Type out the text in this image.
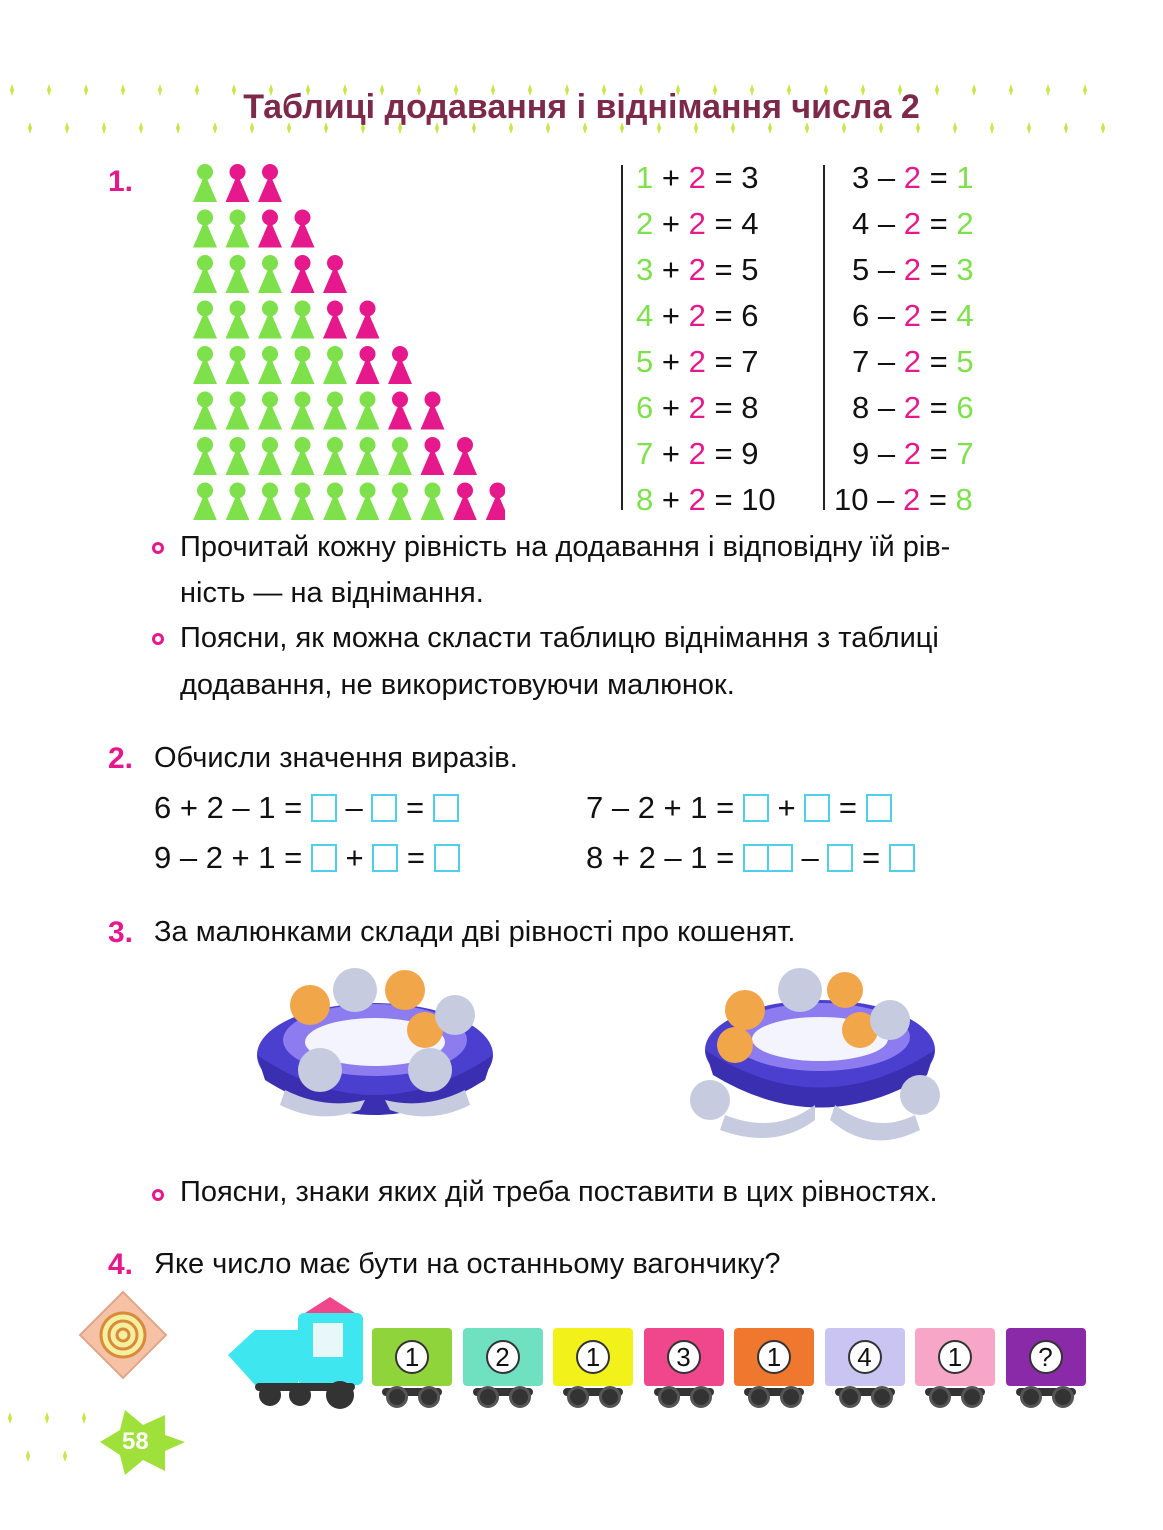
Таблиці додавання і віднімання числа 2
1.	1 + 2 = 3
2 + 2 = 4
3 + 2 = 5
4 + 2 = 6
5 + 2 = 7
6 + 2 = 8
7 + 2 = 9
8 + 2 = 10
3 – 2 = 1
4 – 2 = 2
5 – 2 = 3
6 – 2 = 4
7 – 2 = 5
8 – 2 = 6
9 – 2 = 7
10 – 2 = 8
Прочитай кожну рівність на додавання і відповідну їй рів-
ність — на віднімання.
Поясни, як можна скласти таблицю віднімання з таблиці
додавання, не використовуючи малюнок.
2. Обчисли значення виразів.
6 + 2 – 1 = – =	7 – 2 + 1 = + =
9 – 2 + 1 = + =	8 + 2 – 1 = – =
3. За малюнками склади дві рівності про кошенят.
Поясни, знаки яких дій треба поставити в цих рівностях.
4. Яке число має бути на останньому вагончику?
1	2	1	3	1	4	1	?
58
